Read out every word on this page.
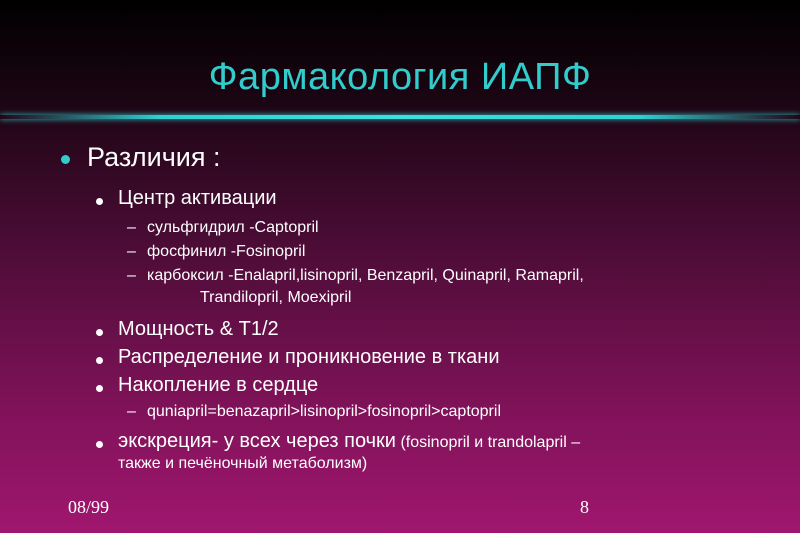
Фармакология ИАПФ
Различия :
Центр активации
– сульфгидрил -Captopril
– фосфинил -Fosinopril
– карбоксил -Enalapril,lisinopril, Benzapril, Quinapril, Ramapril,
Trandilopril, Moexipril
Мощность & Т1/2
Распределение и проникновение в ткани
Накопление в сердце
– quniapril=benazapril>lisinopril>fosinopril>captopril
экскреция- у всех через почки (fosinopril и trandolapril –
также и печёночный метаболизм)
08/99	8
